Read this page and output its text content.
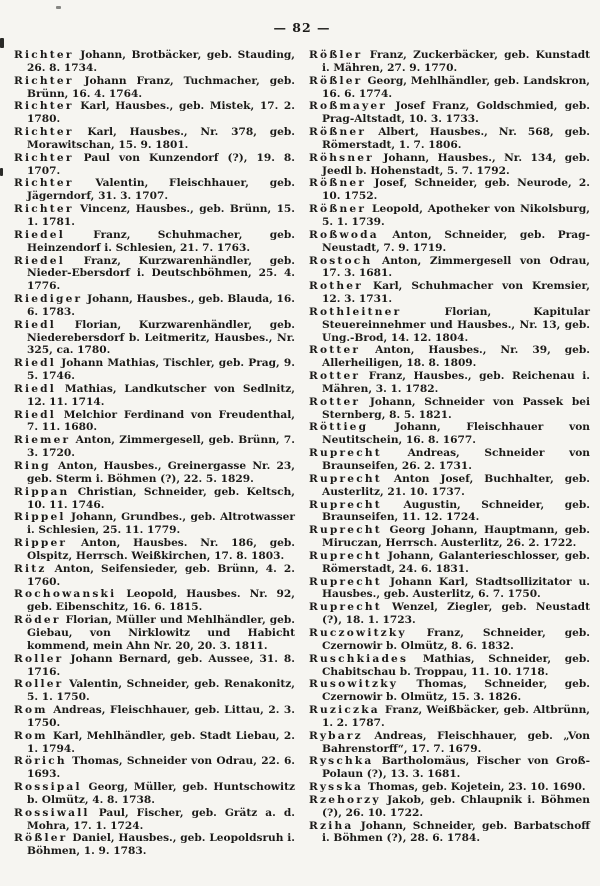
— 82 —

Richter Johann, Brotbäcker, geb. Stauding, 26. 8. 1734.

Richter Johann Franz, Tuchmacher, geb. Brünn, 16. 4. 1764.

Richter Karl, Hausbes., geb. Mistek, 17. 2. 1780.

Richter Karl, Hausbes., Nr. 378, geb. Morawitschan, 15. 9. 1801.

Richter Paul von Kunzendorf (?), 19. 8. 1707.

Richter Valentin, Fleischhauer, geb. Jägerndorf, 31. 3. 1707.

Richter Vincenz, Hausbes., geb. Brünn, 15. 1. 1781.

Riedel	Franz, Schuhmacher, geb. Heinzendorf i. Schlesien, 21. 7. 1763.

Riedel Franz, Kurzwarenhändler, geb. Nieder-Ebersdorf i. Deutschböhmen, 25. 4. 1776.

Riediger Johann, Hausbes., geb. Blauda, 16. 6. 1783.

Riedl Florian, Kurzwarenhändler, geb. Niederebersdorf b. Leitmeritz, Hausbes., Nr. 325, ca. 1780.

Riedl Johann Mathias, Tischler, geb. Prag, 9. 5. 1746.

Riedl Mathias, Landkutscher von Sedlnitz, 12. 11. 1714.

Riedl Melchior Ferdinand von Freudenthal, 7. 11. 1680.

Riemer Anton, Zimmergesell, geb. Brünn, 7. 3. 1720.

Ring Anton, Hausbes., Greinergasse Nr. 23, geb. Sterm i. Böhmen (?), 22. 5. 1829.

Rippan Christian, Schneider, geb. Keltsch, 10. 11. 1746.

Rippel Johann, Grundbes., geb. Altrotwasser i. Schlesien, 25. 11. 1779.

Ripper Anton, Hausbes. Nr. 186, geb. Olspitz, Herrsch. Weißkirchen, 17. 8. 1803.

Ritz Anton, Seifensieder, geb. Brünn, 4. 2. 1760.

Rochowanski Leopold, Hausbes. Nr. 92, geb. Eibenschitz, 16. 6. 1815.

Röder Florian, Müller und Mehlhändler, geb. Giebau, von Nirklowitz und Habicht kommend, mein Ahn Nr. 20, 20. 3. 1811.

Roller Johann Bernard, geb. Aussee, 31. 8. 1716.

Roller Valentin, Schneider, geb. Renakonitz, 5. 1. 1750.

Rom Andreas, Fleischhauer, geb. Littau, 2. 3. 1750.

Rom Karl, Mehlhändler, geb. Stadt Liebau, 2. 1. 1794.

Rörich Thomas, Schneider von Odrau, 22. 6. 1693.

Rossipal Georg, Müller, geb. Huntschowitz b. Olmütz, 4. 8. 1738.

Rossiwall Paul, Fischer, geb. Grätz a. d. Mohra, 17. 1. 1724.

Rößler Daniel, Hausbes., geb. Leopoldsruh i. Böhmen, 1. 9. 1783.

Rößler Franz, Zuckerbäcker, geb. Kunstadt i. Mähren, 27. 9. 1770.

Rößler Georg, Mehlhändler, geb. Landskron, 16. 6. 1774.

Roßmayer Josef Franz, Goldschmied, geb. Prag-Altstadt, 10. 3. 1733.

Rößner Albert, Hausbes., Nr. 568, geb. Römerstadt, 1. 7. 1806.

Röhsner Johann, Hausbes., Nr. 134, geb. Jeedl b. Hohenstadt, 5. 7. 1792.

Rößner Josef, Schneider, geb. Neurode, 2. 10. 1752.

Rößner Leopold, Apotheker von Nikolsburg, 5. 1. 1739.

Roßwoda Anton, Schneider, geb. Prag-Neustadt, 7. 9. 1719.

Rostoch Anton, Zimmergesell von Odrau, 17. 3. 1681.

Rother Karl, Schuhmacher von Kremsier, 12. 3. 1731.

Rothleitner	Florian, Kapitular Steuereinnehmer und Hausbes., Nr. 13, geb. Ung.-Brod, 14. 12. 1804.

Rotter Anton, Hausbes., Nr. 39, geb. Allerheiligen, 18. 8. 1809.

Rotter Franz, Hausbes., geb. Reichenau i. Mähren, 3. 1. 1782.

Rotter Johann, Schneider von Passek bei Sternberg, 8. 5. 1821.

Röttieg	Johann, Fleischhauer von Neutitschein, 16. 8. 1677.

Ruprecht Andreas, Schneider von Braunseifen, 26. 2. 1731.

Ruprecht Anton Josef, Buchhalter, geb. Austerlitz, 21. 10. 1737.

Ruprecht Augustin, Schneider, geb. Braunseifen, 11. 12. 1724.

Ruprecht Georg Johann, Hauptmann, geb. Miruczan, Herrsch. Austerlitz, 26. 2. 1722.

Ruprecht Johann, Galanterieschlosser, geb. Römerstadt, 24. 6. 1831.

Ruprecht Johann Karl, Stadtsollizitator u. Hausbes., geb. Austerlitz, 6. 7. 1750.

Ruprecht Wenzel, Ziegler, geb. Neustadt (?), 18. 1. 1723.

Ruczowitzky Franz, Schneider, geb. Czernowir b. Olmütz, 8. 6. 1832.

Ruschkiades Mathias, Schneider, geb. Chabitschau b. Troppau, 11. 10. 1718.

Rusowitzky Thomas, Schneider, geb. Czernowir b. Olmütz, 15. 3. 1826.

Ruziczka Franz, Weißbäcker, geb. Altbrünn, 1. 2. 1787.

Rybarz Andreas, Fleischhauer, geb. „Von Bahrenstorff“, 17. 7. 1679.

Ryschka Bartholomäus, Fischer von Groß-Polaun (?), 13. 3. 1681.

Rysska Thomas, geb. Kojetein, 23. 10. 1690.

Rzehorzy Jakob, geb. Chlaupnik i. Böhmen (?), 26. 10. 1722.

Rziha Johann, Schneider, geb. Barbatschoff i. Böhmen (?), 28. 6. 1784.
